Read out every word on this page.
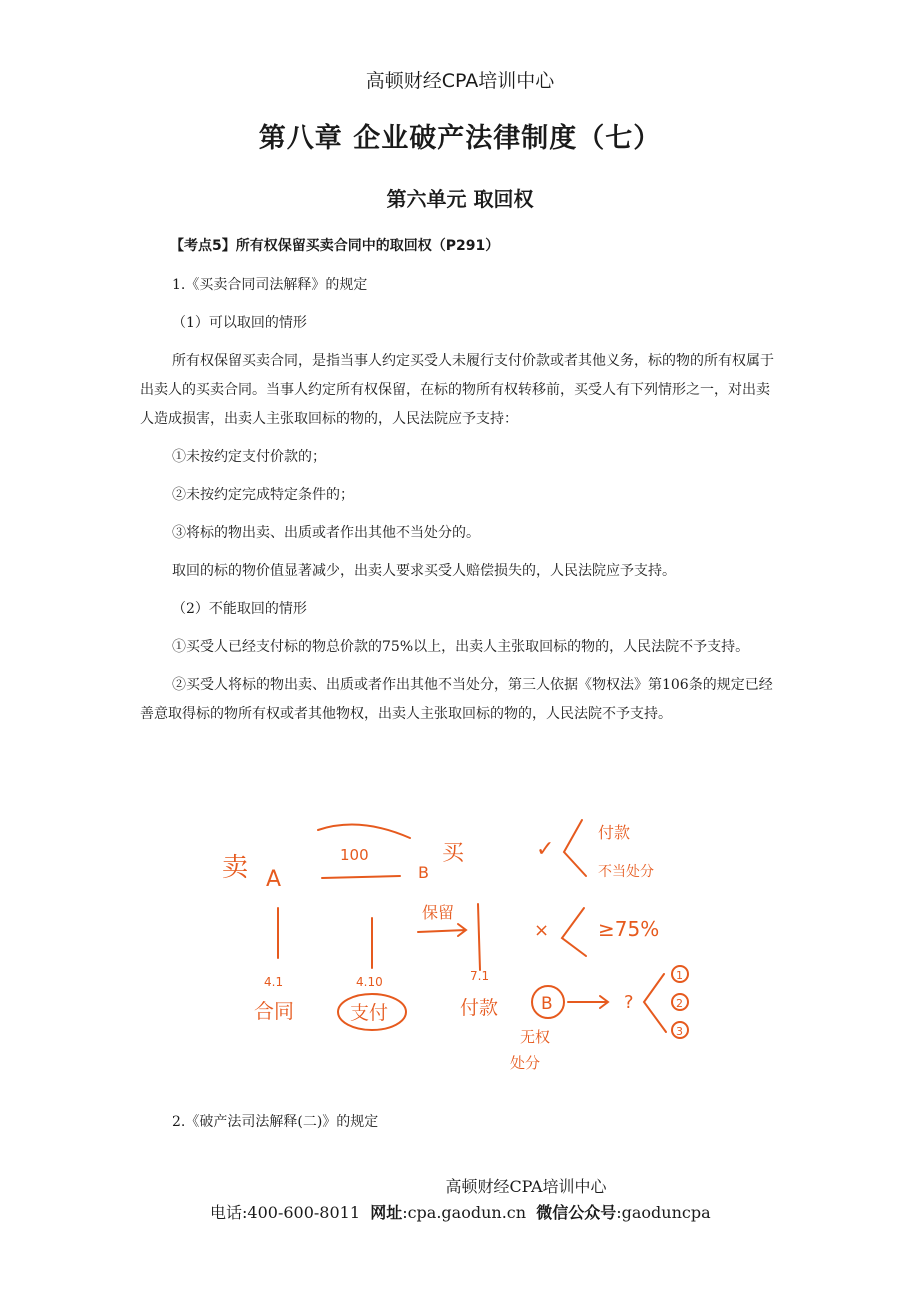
高顿财经CPA培训中心
第八章 企业破产法律制度（七）
第六单元 取回权

【考点5】所有权保留买卖合同中的取回权（P291）

1.《买卖合同司法解释》的规定

（1）可以取回的情形

所有权保留买卖合同，是指当事人约定买受人未履行支付价款或者其他义务，标的物的所有权属于出卖人的买卖合同。当事人约定所有权保留，在标的物所有权转移前，买受人有下列情形之一，对出卖人造成损害，出卖人主张取回标的物的，人民法院应予支持：

①未按约定支付价款的；

②未按约定完成特定条件的；

③将标的物出卖、出质或者作出其他不当处分的。

取回的标的物价值显著减少，出卖人要求买受人赔偿损失的，人民法院应予支持。

（2）不能取回的情形

①买受人已经支付标的物总价款的75%以上，出卖人主张取回标的物的，人民法院不予支持。

②买受人将标的物出卖、出质或者作出其他不当处分，第三人依据《物权法》第106条的规定已经善意取得标的物所有权或者其他物权，出卖人主张取回标的物的，人民法院不予支持。

卖 A
100
B
买
保留
4.1
合同
4.10
支付
7.1
付款	B
无权
处分
✓
付款
不当处分
× ≥75%
?
1
2
3
2.《破产法司法解释(二)》的规定
高顿财经CPA培训中心
电话:400-600-8011 网址:cpa.gaodun.cn 微信公众号:gaoduncpa
